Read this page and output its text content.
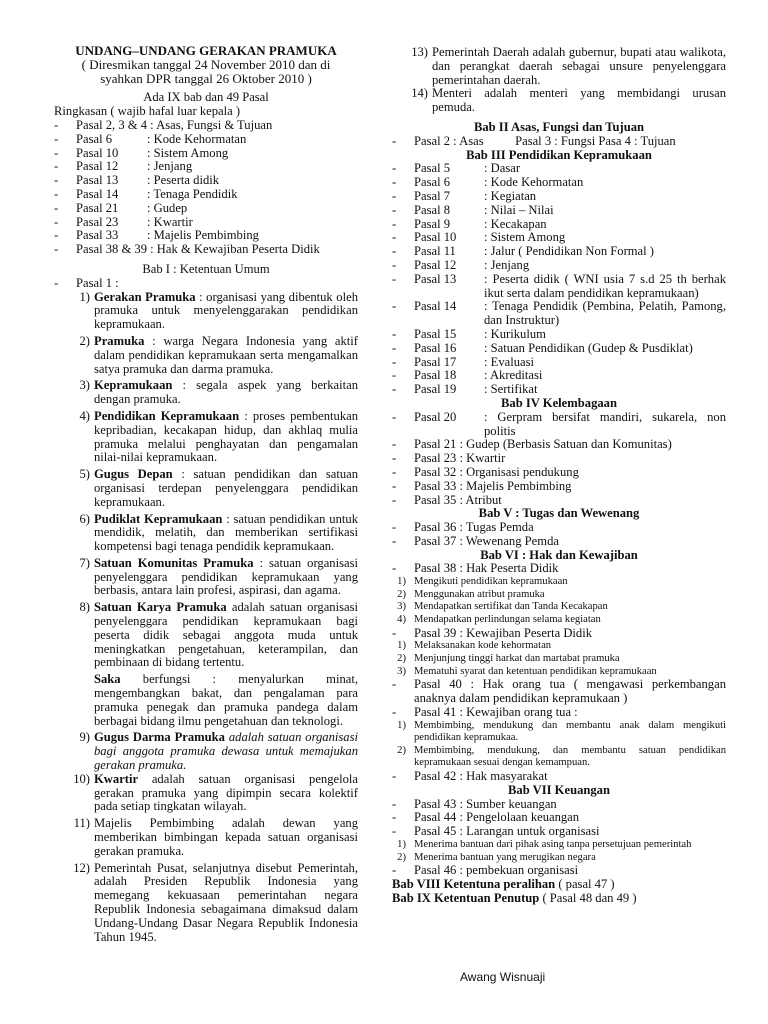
UNDANG–UNDANG GERAKAN PRAMUKA
( Diresmikan tanggal 24 November 2010 dan di
syahkan DPR tanggal 26 Oktober 2010 )
Ada IX bab dan 49 Pasal
Ringkasan ( wajib hafal luar kepala )
-	Pasal 2, 3 & 4 : Asas, Fungsi & Tujuan
-	Pasal 6	: Kode Kehormatan
-	Pasal 10	: Sistem Among
-	Pasal 12	: Jenjang
-	Pasal 13	: Peserta didik
-	Pasal 14	: Tenaga Pendidik
-	Pasal 21	: Gudep
-	Pasal 23	: Kwartir
-	Pasal 33	: Majelis Pembimbing
-	Pasal 38 & 39 : Hak & Kewajiban Peserta Didik
Bab I : Ketentuan Umum
-	Pasal 1 :
1) Gerakan Pramuka : organisasi yang dibentuk oleh pramuka untuk menyelenggarakan pendidikan kepramukaan.
2) Pramuka : warga Negara Indonesia yang aktif dalam pendidikan kepramukaan serta mengamalkan satya pramuka dan darma pramuka.
3) Kepramukaan : segala aspek yang berkaitan dengan pramuka.
4) Pendidikan Kepramukaan : proses pembentukan kepribadian, kecakapan hidup, dan akhlaq mulia pramuka melalui penghayatan dan pengamalan nilai-nilai kepramukaan.
5) Gugus Depan : satuan pendidikan dan satuan organisasi terdepan penyelenggara pendidikan kepramukaan.
6) Pudiklat Kepramukaan : satuan pendidikan untuk mendidik, melatih, dan memberikan sertifikasi kompetensi bagi tenaga pendidik kepramukaan.
7) Satuan Komunitas Pramuka : satuan organisasi penyelenggara pendidikan kepramukaan yang berbasis, antara lain profesi, aspirasi, dan agama.
8) Satuan Karya Pramuka adalah satuan organisasi penyelenggara pendidikan kepramukaan bagi peserta didik sebagai anggota muda untuk meningkatkan pengetahuan, keterampilan, dan pembinaan di bidang tertentu.
Saka berfungsi : menyalurkan minat, mengembangkan bakat, dan pengalaman para pramuka penegak dan pramuka pandega dalam berbagai bidang ilmu pengetahuan dan teknologi.
9) Gugus Darma Pramuka adalah satuan organisasi bagi anggota pramuka dewasa untuk memajukan gerakan pramuka.
10) Kwartir adalah satuan organisasi pengelola gerakan pramuka yang dipimpin secara kolektif pada setiap tingkatan wilayah.
11) Majelis Pembimbing adalah dewan yang memberikan bimbingan kepada satuan organisasi gerakan pramuka.
12) Pemerintah Pusat, selanjutnya disebut Pemerintah, adalah Presiden Republik Indonesia yang memegang kekuasaan pemerintahan negara Republik Indonesia sebagaimana dimaksud dalam Undang-Undang Dasar Negara Republik Indonesia Tahun 1945.
13) Pemerintah Daerah adalah gubernur, bupati atau walikota, dan perangkat daerah sebagai unsure penyelenggara pemerintahan daerah.
14) Menteri adalah menteri yang membidangi urusan pemuda.
Bab II Asas, Fungsi dan Tujuan
-	Pasal 2 : Asas          Pasal 3 : Fungsi Pasa 4 : Tujuan
Bab III Pendidikan Kepramukaan
-	Pasal 5	: Dasar
-	Pasal 6	: Kode Kehormatan
-	Pasal 7	: Kegiatan
-	Pasal 8	: Nilai – Nilai
-	Pasal 9	: Kecakapan
-	Pasal 10	: Sistem Among
-	Pasal 11	: Jalur ( Pendidikan Non Formal )
-	Pasal 12	: Jenjang
-	Pasal 13	: Peserta didik ( WNI usia 7 s.d 25 th berhak ikut serta dalam pendidikan kepramukaan)
-	Pasal 14	: Tenaga Pendidik (Pembina, Pelatih, Pamong, dan Instruktur)
-	Pasal 15	: Kurikulum
-	Pasal 16	: Satuan Pendidikan (Gudep & Pusdiklat)
-	Pasal 17	: Evaluasi
-	Pasal 18	: Akreditasi
-	Pasal 19	: Sertifikat
Bab IV Kelembagaan
-	Pasal 20	: Gerpram bersifat mandiri, sukarela, non politis
-	Pasal 21 : Gudep (Berbasis Satuan dan Komunitas)
-	Pasal 23 : Kwartir
-	Pasal 32 : Organisasi pendukung
-	Pasal 33 : Majelis Pembimbing
-	Pasal 35 : Atribut
Bab V : Tugas dan Wewenang
-	Pasal 36 : Tugas Pemda
-	Pasal 37 : Wewenang Pemda
Bab VI : Hak dan Kewajiban
-	Pasal 38 : Hak Peserta Didik
1) Mengikuti pendidikan kepramukaan
2) Menggunakan atribut pramuka
3) Mendapatkan sertifikat dan Tanda Kecakapan
4) Mendapatkan perlindungan selama kegiatan
-	Pasal 39 : Kewajiban Peserta Didik
1) Melaksanakan kode kehormatan
2) Menjunjung tinggi harkat dan martabat pramuka
3) Mematuhi syarat dan ketentuan pendidikan kepramukaan
-	Pasal 40 : Hak orang tua ( mengawasi perkembangan anaknya dalam pendidikan kepramukaan )
-	Pasal 41 : Kewajiban orang tua :
1) Membimbing, mendukung dan membantu anak dalam mengikuti pendidikan kepramukaa.
2) Membimbing, mendukung, dan membantu satuan pendidikan kepramukaan sesuai dengan kemampuan.
-	Pasal 42 : Hak masyarakat
Bab VII Keuangan
-	Pasal 43 : Sumber keuangan
-	Pasal 44 : Pengelolaan keuangan
-	Pasal 45 : Larangan untuk organisasi
1) Menerima bantuan dari pihak asing tanpa persetujuan pemerintah
2) Menerima bantuan yang merugikan negara
-	Pasal 46 : pembekuan organisasi
Bab VIII Ketentuna peralihan ( pasal 47 )
Bab IX Ketentuan Penutup ( Pasal 48 dan 49 )
Awang Wisnuaji
